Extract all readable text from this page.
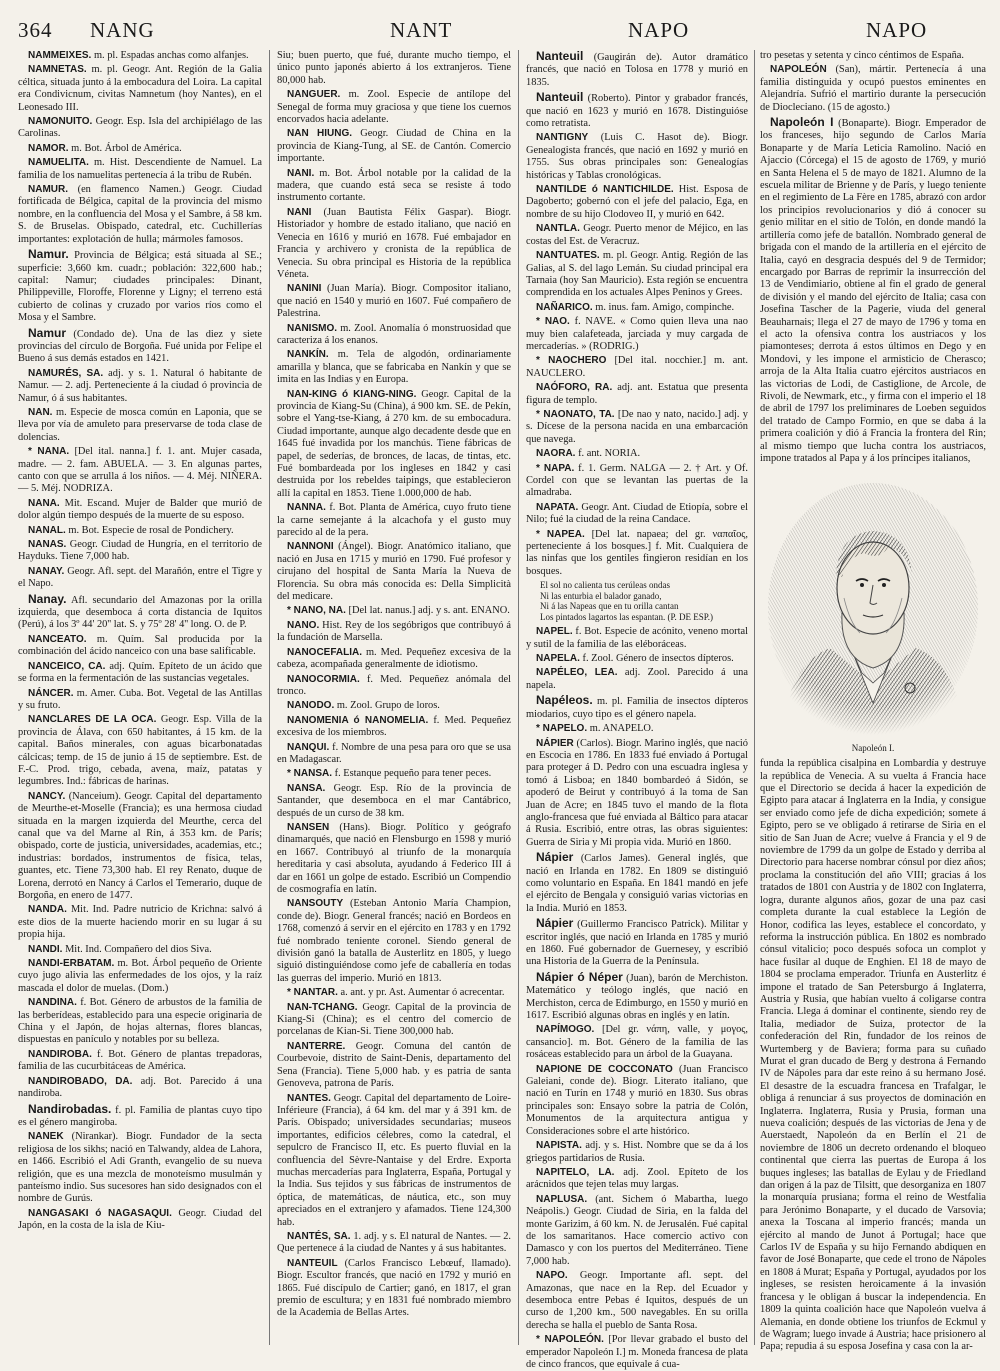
364 NANG	NANT	NAPO	NAPO

NAMMEIXES. m. pl. Espadas anchas como alfanjes.

NAMNETAS. m. pl. Geogr. Ant. Región de la Galia céltica, situada junto á la embocadura del Loira. La capital era Condivicnum, civitas Namnetum (hoy Nantes), en el Leonesado III.

NAMONUITO. Geogr. Esp. Isla del archipiélago de las Carolinas.

NAMOR. m. Bot. Árbol de América.

NAMUELITA. m. Hist. Descendiente de Namuel. La familia de los namuelitas pertenecía á la tribu de Rubén.

NAMUR. (en flamenco Namen.) Geogr. Ciudad fortificada de Bélgica, capital de la provincia del mismo nombre, en la confluencia del Mosa y el Sambre, á 58 km. S. de Bruselas. Obispado, catedral, etc. Cuchillerías importantes: explotación de hulla; mármoles famosos.

Namur. Provincia de Bélgica; está situada al SE.; superficie: 3,660 km. cuadr.; población: 322,600 hab.; capital: Namur; ciudades principales: Dinant, Philippeville, Floroffe, Florenne y Ligny; el terreno está cubierto de colinas y cruzado por varios ríos como el Mosa y el Sambre.

Namur (Condado de). Una de las diez y siete provincias del círculo de Borgoña. Fué unida por Felipe el Bueno á sus demás estados en 1421.

NAMURÉS, SA. adj. y s. 1. Natural ó habitante de Namur. — 2. adj. Perteneciente á la ciudad ó provincia de Namur, ó á sus habitantes.

NAN. m. Especie de mosca común en Laponia, que se lleva por vía de amuleto para preservarse de toda clase de dolencias.

* NANA. [Del ital. nanna.] f. 1. ant. Mujer casada, madre. — 2. fam. ABUELA. — 3. En algunas partes, canto con que se arrulla á los niños. — 4. Méj. NIÑERA. — 5. Méj. NODRIZA.

NANA. Mit. Escand. Mujer de Balder que murió de dolor algún tiempo después de la muerte de su esposo.

NANAL. m. Bot. Especie de rosal de Pondichery.

NANAS. Geogr. Ciudad de Hungría, en el territorio de Hayduks. Tiene 7,000 hab.

NANAY. Geogr. Afl. sept. del Marañón, entre el Tigre y el Napo.

Nanay. Afl. secundario del Amazonas por la orilla izquierda, que desemboca á corta distancia de Iquitos (Perú), á los 3º 44' 20'' lat. S. y 75º 28' 4'' long. O. de P.

NANCEATO. m. Quím. Sal producida por la combinación del ácido nanceico con una base salificable.

NANCEICO, CA. adj. Quím. Epíteto de un ácido que se forma en la fermentación de las sustancias vegetales.

NÁNCER. m. Amer. Cuba. Bot. Vegetal de las Antillas y su fruto.

NANCLARES DE LA OCA. Geogr. Esp. Villa de la provincia de Álava, con 650 habitantes, á 15 km. de la capital. Baños minerales, con aguas bicarbonatadas cálcicas; temp. de 15 de junio á 15 de septiembre. Est. de F.-C. Prod. trigo, cebada, avena, maíz, patatas y legumbres. Ind.: fábricas de harinas.

NANCY. (Nanceium). Geogr. Capital del departamento de Meurthe-et-Moselle (Francia); es una hermosa ciudad situada en la margen izquierda del Meurthe, cerca del canal que va del Marne al Rin, á 353 km. de París; obispado, corte de justicia, universidades, academias, etc.; industrias: bordados, instrumentos de física, telas, guantes, etc. Tiene 73,300 hab. El rey Renato, duque de Lorena, derrotó en Nancy á Carlos el Temerario, duque de Borgoña, en enero de 1477.

NANDA. Mit. Ind. Padre nutricio de Krichna: salvó á este dios de la muerte haciendo morir en su lugar á su propia hija.

NANDI. Mit. Ind. Compañero del dios Siva.

NANDI-ERBATAM. m. Bot. Árbol pequeño de Oriente cuyo jugo alivia las enfermedades de los ojos, y la raíz mascada el dolor de muelas. (Dom.)

NANDINA. f. Bot. Género de arbustos de la familia de las berberídeas, establecido para una especie originaria de China y el Japón, de hojas alternas, flores blancas, dispuestas en panículo y notables por su belleza.

NANDIROBA. f. Bot. Género de plantas trepadoras, familia de las cucurbitáceas de América.

NANDIROBADO, DA. adj. Bot. Parecido á una nandiroba.

Nandirobadas. f. pl. Familia de plantas cuyo tipo es el género mangiroba.

NANEK (Nirankar). Biogr. Fundador de la secta religiosa de los sikhs; nació en Talwandy, aldea de Lahora, en 1466. Escribió el Adi Granth, evangelio de su nueva religión, que es una mezcla de monoteísmo musulmán y panteísmo indio. Sus sucesores han sido designados con el nombre de Gurús.

NANGASAKI ó NAGASAQUI. Geogr. Ciudad del Japón, en la costa de la isla de Kiu-

Siu; buen puerto, que fué, durante mucho tiempo, el único punto japonés abierto á los extranjeros. Tiene 80,000 hab.

NANGUER. m. Zool. Especie de antílope del Senegal de forma muy graciosa y que tiene los cuernos encorvados hacia adelante.

NAN HIUNG. Geogr. Ciudad de China en la provincia de Kiang-Tung, al SE. de Cantón. Comercio importante.

NANI. m. Bot. Árbol notable por la calidad de la madera, que cuando está seca se resiste á todo instrumento cortante.

NANI (Juan Bautista Félix Gaspar). Biogr. Historiador y hombre de estado italiano, que nació en Venecia en 1616 y murió en 1678. Fué embajador en Francia y archivero y cronista de la república de Venecia. Su obra principal es Historia de la república Véneta.

NANINI (Juan María). Biogr. Compositor italiano, que nació en 1540 y murió en 1607. Fué compañero de Palestrina.

NANISMO. m. Zool. Anomalía ó monstruosidad que caracteriza á los enanos.

NANKÍN. m. Tela de algodón, ordinariamente amarilla y blanca, que se fabricaba en Nankín y que se imita en las Indias y en Europa.

NAN-KING ó KIANG-NING. Geogr. Capital de la provincia de Kiang-Su (China), á 900 km. SE. de Pekín, sobre el Yang-tse-Kiang, á 270 km. de su embocadura. Ciudad importante, aunque algo decadente desde que en 1645 fué invadida por los manchús. Tiene fábricas de papel, de sederías, de bronces, de lacas, de tintas, etc. Fué bombardeada por los ingleses en 1842 y casi destruida por los rebeldes taipings, que establecieron allí la capital en 1853. Tiene 1.000,000 de hab.

NANNA. f. Bot. Planta de América, cuyo fruto tiene la carne semejante á la alcachofa y el gusto muy parecido al de la pera.

NANNONI (Ángel). Biogr. Anatómico italiano, que nació en Jusa en 1715 y murió en 1790. Fué profesor y cirujano del hospital de Santa María la Nueva de Florencia. Su obra más conocida es: Della Simplicità del medicare.

* NANO, NA. [Del lat. nanus.] adj. y s. ant. ENANO.

NANO. Hist. Rey de los segóbrigos que contribuyó á la fundación de Marsella.

NANOCEFALIA. m. Med. Pequeñez excesiva de la cabeza, acompañada generalmente de idiotismo.

NANOCORMIA. f. Med. Pequeñez anómala del tronco.

NANODO. m. Zool. Grupo de loros.

NANOMENIA ó NANOMELIA. f. Med. Pequeñez excesiva de los miembros.

NANQUI. f. Nombre de una pesa para oro que se usa en Madagascar.

* NANSA. f. Estanque pequeño para tener peces.

NANSA. Geogr. Esp. Río de la provincia de Santander, que desemboca en el mar Cantábrico, después de un curso de 38 km.

NANSEN (Hans). Biogr. Político y geógrafo dinamarqués, que nació en Flensburgo en 1598 y murió en 1667. Contribuyó al triunfo de la monarquía hereditaria y casi absoluta, ayudando á Federico III á dar en 1661 un golpe de estado. Escribió un Compendio de cosmografía en latín.

NANSOUTY (Esteban Antonio María Champion, conde de). Biogr. General francés; nació en Bordeos en 1768, comenzó á servir en el ejército en 1783 y en 1792 fué nombrado teniente coronel. Siendo general de división ganó la batalla de Austerlitz en 1805, y luego siguió distinguiéndose como jefe de caballería en todas las guerras del imperio. Murió en 1813.

* NANTAR. a. ant. y pr. Ast. Aumentar ó acrecentar.

NAN-TCHANG. Geogr. Capital de la provincia de Kiang-Si (China); es el centro del comercio de porcelanas de Kian-Si. Tiene 300,000 hab.

NANTERRE. Geogr. Comuna del cantón de Courbevoie, distrito de Saint-Denis, departamento del Sena (Francia). Tiene 5,000 hab. y es patria de santa Genoveva, patrona de París.

NANTES. Geogr. Capital del departamento de Loire-Inférieure (Francia), á 64 km. del mar y á 391 km. de París. Obispado; universidades secundarias; museos importantes, edificios célebres, como la catedral, el sepulcro de Francisco II, etc. Es puerto fluvial en la confluencia del Sèvre-Nantaise y del Erdre. Exporta muchas mercaderías para Inglaterra, España, Portugal y la India. Sus tejidos y sus fábricas de instrumentos de óptica, de matemáticas, de náutica, etc., son muy apreciados en el extranjero y afamados. Tiene 124,300 hab.

NANTÉS, SA. 1. adj. y s. El natural de Nantes. — 2. Que pertenece á la ciudad de Nantes y á sus habitantes.

NANTEUIL (Carlos Francisco Lebœuf, llamado). Biogr. Escultor francés, que nació en 1792 y murió en 1865. Fué discípulo de Cartier; ganó, en 1817, el gran premio de escultura; y en 1831 fué nombrado miembro de la Academia de Bellas Artes.

Nanteuil (Gaugirán de). Autor dramático francés, que nació en Tolosa en 1778 y murió en 1835.

Nanteuil (Roberto). Pintor y grabador francés, que nació en 1623 y murió en 1678. Distinguióse como retratista.

NANTIGNY (Luis C. Hasot de). Biogr. Genealogista francés, que nació en 1692 y murió en 1755. Sus obras principales son: Genealogías históricas y Tablas cronológicas.

NANTILDE ó NANTICHILDE. Hist. Esposa de Dagoberto; gobernó con el jefe del palacio, Ega, en nombre de su hijo Clodoveo II, y murió en 642.

NANTLA. Geogr. Puerto menor de Méjico, en las costas del Est. de Veracruz.

NANTUATES. m. pl. Geogr. Antig. Región de las Galias, al S. del lago Lemán. Su ciudad principal era Tarnaia (hoy San Mauricio). Esta región se encuentra comprendida en los actuales Alpes Peninos y Grees.

NAÑARICO. m. inus. fam. Amigo, compinche.

* NAO. f. NAVE. « Como quien lleva una nao muy bien calafeteada, jarciada y muy cargada de mercaderías. » (RODRIG.)

* NAOCHERO [Del ital. nocchier.] m. ant. NAUCLERO.

NAÓFORO, RA. adj. ant. Estatua que presenta figura de templo.

* NAONATO, TA. [De nao y nato, nacido.] adj. y s. Dícese de la persona nacida en una embarcación que navega.

NAORA. f. ant. NORIA.

* NAPA. f. 1. Germ. NALGA — 2. † Art. y Of. Cordel con que se levantan las puertas de la almadraba.

NAPATA. Geogr. Ant. Ciudad de Etiopía, sobre el Nilo; fué la ciudad de la reina Candace.

* NAPEA. [Del lat. napaea; del gr. ναπαῖος, perteneciente á los bosques.] f. Mit. Cualquiera de las ninfas que los gentiles fingieron residían en los bosques.

El sol no calienta tus cerúleas ondas
Ni las enturbia el balador ganado,
Ni á las Napeas que en tu orilla cantan
Los pintados lagartos las espantan. (P. DE ESP.)

NAPEL. f. Bot. Especie de acónito, veneno mortal y sutil de la familia de las eléboráceas.

NAPELA. f. Zool. Género de insectos dípteros.

NAPÉLEO, LEA. adj. Zool. Parecido á una napela.

Napéleos. m. pl. Familia de insectos dípteros miodarios, cuyo tipo es el género napela.

* NAPELO. m. ANAPELO.

NÁPIER (Carlos). Biogr. Marino inglés, que nació en Escocia en 1786. En 1833 fué enviado á Portugal para proteger á D. Pedro con una escuadra inglesa y tomó á Lisboa; en 1840 bombardeó á Sidón, se apoderó de Beirut y contribuyó á la toma de San Juan de Acre; en 1845 tuvo el mando de la flota anglo-francesa que fué enviada al Báltico para atacar á Rusia. Escribió, entre otras, las obras siguientes: Guerra de Siria y Mi propia vida. Murió en 1860.

Nápier (Carlos James). General inglés, que nació en Irlanda en 1782. En 1809 se distinguió como voluntario en España. En 1841 mandó en jefe el ejército de Bengala y consiguió varias victorias en la India. Murió en 1853.

Nápier (Guillermo Francisco Patrick). Militar y escritor inglés, que nació en Irlanda en 1785 y murió en 1860. Fué gobernador de Guernesey, y escribió una Historia de la Guerra de la Península.

Nápier ó Néper (Juan), barón de Merchiston. Matemático y teólogo inglés, que nació en Merchiston, cerca de Edimburgo, en 1550 y murió en 1617. Escribió algunas obras en inglés y en latín.

NAPÍMOGO. [Del gr. νάπη, valle, y μογος, cansancio]. m. Bot. Género de la familia de las rosáceas establecido para un árbol de la Guayana.

NAPIONE DE COCCONATO (Juan Francisco Galeiani, conde de). Biogr. Literato italiano, que nació en Turín en 1748 y murió en 1830. Sus obras principales son: Ensayo sobre la patria de Colón, Monumentos de la arquitectura antigua y Consideraciones sobre el arte histórico.

NAPISTA. adj. y s. Hist. Nombre que se da á los griegos partidarios de Rusia.

NAPITELO, LA. adj. Zool. Epíteto de los arácnidos que tejen telas muy largas.

NAPLUSA. (ant. Sichem ó Mabartha, luego Neápolis.) Geogr. Ciudad de Siria, en la falda del monte Garizim, á 60 km. N. de Jerusalén. Fué capital de los samaritanos. Hace comercio activo con Damasco y con los puertos del Mediterráneo. Tiene 7,000 hab.

NAPO. Geogr. Importante afl. sept. del Amazonas, que nace en la Rep. del Ecuador y desemboca entre Pebas é Iquitos, después de un curso de 1,200 km., 500 navegables. En su orilla derecha se halla el pueblo de Santa Rosa.

* NAPOLEÓN. [Por llevar grabado el busto del emperador Napoleón I.] m. Moneda francesa de plata de cinco francos, que equivale á cua-

tro pesetas y setenta y cinco céntimos de España.

NAPOLEÓN (San), mártir. Pertenecía á una familia distinguida y ocupó puestos eminentes en Alejandría. Sufrió el martirio durante la persecución de Diocleciano. (15 de agosto.)

Napoleón I (Bonaparte). Biogr. Emperador de los franceses, hijo segundo de Carlos María Bonaparte y de María Leticia Ramolino. Nació en Ajaccio (Córcega) el 15 de agosto de 1769, y murió en Santa Helena el 5 de mayo de 1821. Alumno de la escuela militar de Brienne y de París, y luego teniente en el regimiento de La Fère en 1785, abrazó con ardor los principios revolucionarios y dió á conocer su genio militar en el sitio de Tolón, en donde mandó la artillería como jefe de batallón. Nombrado general de brigada con el mando de la artillería en el ejército de Italia, cayó en desgracia después del 9 de Termidor; encargado por Barras de reprimir la insurrección del 13 de Vendimiario, obtiene al fin el grado de general de división y el mando del ejército de Italia; casa con Josefina Tascher de la Pagerie, viuda del general Beauharnais; llega el 27 de mayo de 1796 y toma en el acto la ofensiva contra los austriacos y los piamonteses; derrota á estos últimos en Dego y en Mondovi, y les impone el armisticio de Cherasco; arroja de la Alta Italia cuatro ejércitos austriacos en las victorias de Lodi, de Castiglione, de Arcole, de Rivoli, de Newmark, etc., y firma con el imperio el 18 de abril de 1797 los preliminares de Loeben seguidos del tratado de Campo Formio, en que se daba á la primera coalición y dió á Francia la frontera del Rin; al mismo tiempo que lucha contra los austriacos, impone tratados al Papa y á los príncipes italianos,

Napoleón I.

funda la república cisalpina en Lombardía y destruye la república de Venecia. A su vuelta á Francia hace que el Directorio se decida á hacer la expedición de Egipto para atacar á Inglaterra en la India, y consigue ser enviado como jefe de dicha expedición; somete á Egipto, pero se ve obligado á retirarse de Siria en el sitio de San Juan de Acre; vuelve á Francia y el 9 de noviembre de 1799 da un golpe de Estado y derriba al Directorio para hacerse nombrar cónsul por diez años; proclama la constitución del año VIII; gracias á los tratados de 1801 con Austria y de 1802 con Inglaterra, logra, durante algunos años, gozar de una paz casi completa durante la cual establece la Legión de Honor, codifica las leyes, establece el concordato, y reforma la instrucción pública. En 1802 es nombrado cónsul vitalicio; poco después sofoca un complot y hace fusilar al duque de Enghien. El 18 de mayo de 1804 se proclama emperador. Triunfa en Austerlitz é impone el tratado de San Petersburgo á Inglaterra, Austria y Rusia, que habían vuelto á coligarse contra Francia. Llega á dominar el continente, siendo rey de Italia, mediador de Suiza, protector de la confederación del Rin, fundador de los reinos de Wurtemberg y de Baviera; forma para su cuñado Murat el gran ducado de Berg y destrona á Fernando IV de Nápoles para dar este reino á su hermano José. El desastre de la escuadra francesa en Trafalgar, le obliga á renunciar á sus proyectos de dominación en Inglaterra. Inglaterra, Rusia y Prusia, forman una nueva coalición; después de las victorias de Jena y de Auerstaedt, Napoleón da en Berlín el 21 de noviembre de 1806 un decreto ordenando el bloqueo continental que cierra las puertas de Europa á los buques ingleses; las batallas de Eylau y de Friedland dan origen á la paz de Tilsitt, que desorganiza en 1807 la monarquía prusiana; forma el reino de Westfalia para Jerónimo Bonaparte, y el ducado de Varsovia; anexa la Toscana al imperio francés; manda un ejército al mando de Junot á Portugal; hace que Carlos IV de España y su hijo Fernando abdiquen en favor de José Bonaparte, que cede el trono de Nápoles en 1808 á Murat; España y Portugal, ayudados por los ingleses, se resisten heroicamente á la invasión francesa y le obligan á buscar la independencia. En 1809 la quinta coalición hace que Napoleón vuelva á Alemania, en donde obtiene los triunfos de Eckmul y de Wagram; luego invade á Austria; hace prisionero al Papa; repudia á su esposa Josefina y casa con la ar-
